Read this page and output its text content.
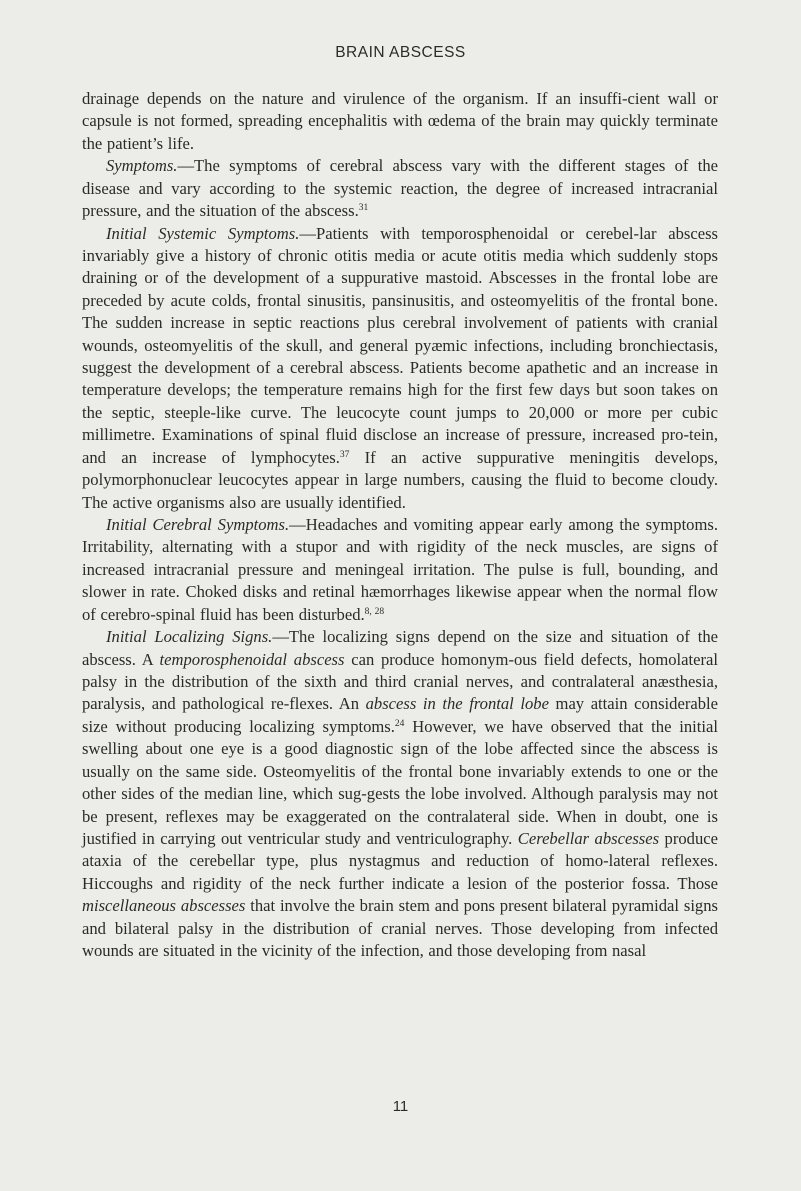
BRAIN ABSCESS

drainage depends on the nature and virulence of the organism. If an insuffi-cient wall or capsule is not formed, spreading encephalitis with œdema of the brain may quickly terminate the patient’s life.

Symptoms.—The symptoms of cerebral abscess vary with the different stages of the disease and vary according to the systemic reaction, the degree of increased intracranial pressure, and the situation of the abscess.$^{31}$

Initial Systemic Symptoms.—Patients with temporosphenoidal or cerebel-lar abscess invariably give a history of chronic otitis media or acute otitis media which suddenly stops draining or of the development of a suppurative mastoid. Abscesses in the frontal lobe are preceded by acute colds, frontal sinusitis, pansinusitis, and osteomyelitis of the frontal bone. The sudden increase in septic reactions plus cerebral involvement of patients with cranial wounds, osteomyelitis of the skull, and general pyæmic infections, including bronchiectasis, suggest the development of a cerebral abscess. Patients become apathetic and an increase in temperature develops; the temperature remains high for the first few days but soon takes on the septic, steeple-like curve. The leucocyte count jumps to 20,000 or more per cubic millimetre. Examinations of spinal fluid disclose an increase of pressure, increased pro-tein, and an increase of lymphocytes.$^{37}$ If an active suppurative meningitis develops, polymorphonuclear leucocytes appear in large numbers, causing the fluid to become cloudy. The active organisms also are usually identified.

Initial Cerebral Symptoms.—Headaches and vomiting appear early among the symptoms. Irritability, alternating with a stupor and with rigidity of the neck muscles, are signs of increased intracranial pressure and meningeal irritation. The pulse is full, bounding, and slower in rate. Choked disks and retinal hæmorrhages likewise appear when the normal flow of cerebro-spinal fluid has been disturbed.$^{8, 28}$

Initial Localizing Signs.—The localizing signs depend on the size and situation of the abscess. A temporosphenoidal abscess can produce homonym-ous field defects, homolateral palsy in the distribution of the sixth and third cranial nerves, and contralateral anæsthesia, paralysis, and pathological re-flexes. An abscess in the frontal lobe may attain considerable size without producing localizing symptoms.$^{24}$ However, we have observed that the initial swelling about one eye is a good diagnostic sign of the lobe affected since the abscess is usually on the same side. Osteomyelitis of the frontal bone invariably extends to one or the other sides of the median line, which sug-gests the lobe involved. Although paralysis may not be present, reflexes may be exaggerated on the contralateral side. When in doubt, one is justified in carrying out ventricular study and ventriculography. Cerebellar abscesses produce ataxia of the cerebellar type, plus nystagmus and reduction of homo-lateral reflexes. Hiccoughs and rigidity of the neck further indicate a lesion of the posterior fossa. Those miscellaneous abscesses that involve the brain stem and pons present bilateral pyramidal signs and bilateral palsy in the distribution of cranial nerves. Those developing from infected wounds are situated in the vicinity of the infection, and those developing from nasal

11
